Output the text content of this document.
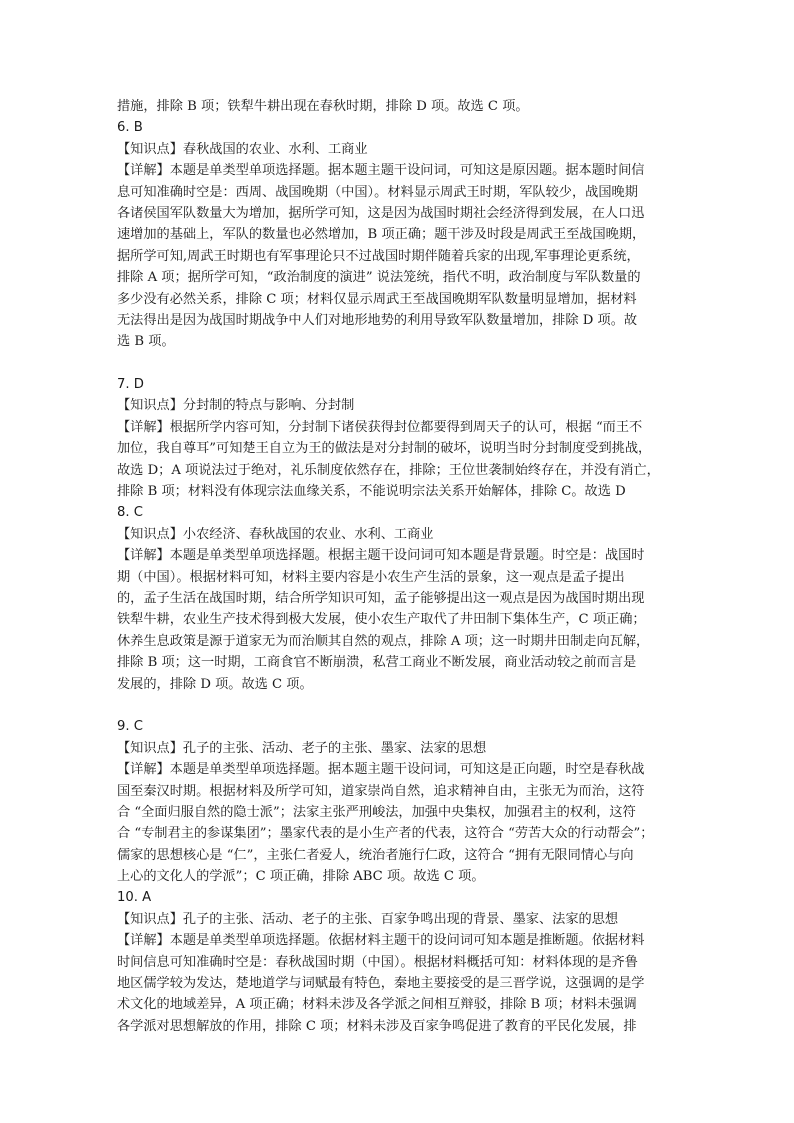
措施，排除 B 项；铁犁牛耕出现在春秋时期，排除 D 项。故选 C 项。
6. B
【知识点】春秋战国的农业、水利、工商业
【详解】本题是单类型单项选择题。据本题主题干设问词，可知这是原因题。据本题时间信
息可知准确时空是：西周、战国晚期（中国）。材料显示周武王时期，军队较少，战国晚期
各诸侯国军队数量大为增加，据所学可知，这是因为战国时期社会经济得到发展，在人口迅
速增加的基础上，军队的数量也必然增加，B 项正确；题干涉及时段是周武王至战国晚期，
据所学可知,周武王时期也有军事理论只不过战国时期伴随着兵家的出现,军事理论更系统，
排除 A 项；据所学可知，“政治制度的演进” 说法笼统，指代不明，政治制度与军队数量的
多少没有必然关系，排除 C 项；材料仅显示周武王至战国晚期军队数量明显增加，据材料
无法得出是因为战国时期战争中人们对地形地势的利用导致军队数量增加，排除 D 项。故
选 B 项。
7. D
【知识点】分封制的特点与影响、分封制
【详解】根据所学内容可知，分封制下诸侯获得封位都要得到周天子的认可，根据 “而王不
加位，我自尊耳”可知楚王自立为王的做法是对分封制的破坏，说明当时分封制度受到挑战，
故选 D；A 项说法过于绝对，礼乐制度依然存在，排除；王位世袭制始终存在，并没有消亡，
排除 B 项；材料没有体现宗法血缘关系，不能说明宗法关系开始解体，排除 C。故选 D
8. C
【知识点】小农经济、春秋战国的农业、水利、工商业
【详解】本题是单类型单项选择题。根据主题干设问词可知本题是背景题。时空是：战国时
期（中国）。根据材料可知，材料主要内容是小农生产生活的景象，这一观点是孟子提出
的，孟子生活在战国时期，结合所学知识可知，孟子能够提出这一观点是因为战国时期出现
铁犁牛耕，农业生产技术得到极大发展，使小农生产取代了井田制下集体生产，C 项正确；
休养生息政策是源于道家无为而治顺其自然的观点，排除 A 项；这一时期井田制走向瓦解，
排除 B 项；这一时期，工商食官不断崩溃，私营工商业不断发展，商业活动较之前而言是
发展的，排除 D 项。故选 C 项。
9. C
【知识点】孔子的主张、活动、老子的主张、墨家、法家的思想
【详解】本题是单类型单项选择题。据本题主题干设问词，可知这是正向题，时空是春秋战
国至秦汉时期。根据材料及所学可知，道家崇尚自然，追求精神自由，主张无为而治，这符
合 “全面归服自然的隐士派”；法家主张严刑峻法，加强中央集权，加强君主的权利，这符
合 “专制君主的参谋集团”；墨家代表的是小生产者的代表，这符合 “劳苦大众的行动帮会”；
儒家的思想核心是 “仁”，主张仁者爱人，统治者施行仁政，这符合 “拥有无限同情心与向
上心的文化人的学派”；C 项正确，排除 ABC 项。故选 C 项。
10. A
【知识点】孔子的主张、活动、老子的主张、百家争鸣出现的背景、墨家、法家的思想
【详解】本题是单类型单项选择题。依据材料主题干的设问词可知本题是推断题。依据材料
时间信息可知准确时空是：春秋战国时期（中国）。根据材料概括可知：材料体现的是齐鲁
地区儒学较为发达，楚地道学与词赋最有特色，秦地主要接受的是三晋学说，这强调的是学
术文化的地域差异，A 项正确；材料未涉及各学派之间相互辩驳，排除 B 项；材料未强调
各学派对思想解放的作用，排除 C 项；材料未涉及百家争鸣促进了教育的平民化发展，排
